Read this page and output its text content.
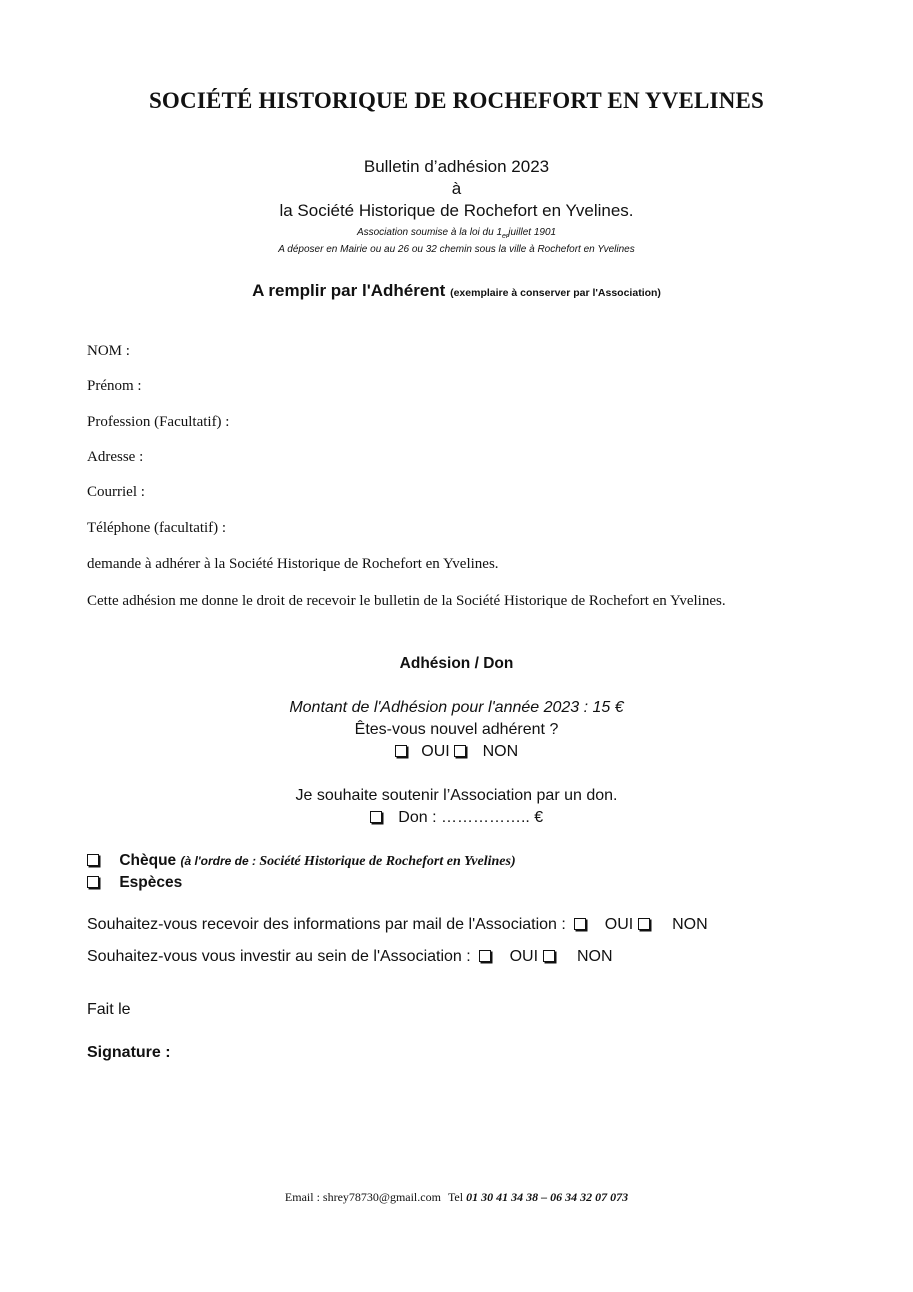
SOCIÉTÉ HISTORIQUE DE ROCHEFORT EN YVELINES
Bulletin d’adhésion 2023
à
la Société Historique de Rochefort en Yvelines.
Association soumise à la loi du $1_{er}juillet$ 1901
A déposer en Mairie ou au 26 ou 32 chemin sous la ville à Rochefort en Yvelines
A remplir par l'Adhérent (exemplaire à conserver par l'Association)
NOM :
Prénom :
Profession (Facultatif) :
Adresse :
Courriel :
Téléphone (facultatif) :
demande à adhérer à la Société Historique de Rochefort en Yvelines.
Cette adhésion me donne le droit de recevoir le bulletin de la Société Historique de Rochefort en Yvelines.
Adhésion / Don
Montant de l'Adhésion pour l'année 2023 : 15 €
Êtes-vous nouvel adhérent ?
OUI NON
Je souhaite soutenir l’Association par un don.
Don : …………….. €
Chèque (à l'ordre de : Société Historique de Rochefort en Yvelines)
Espèces
Souhaitez-vous recevoir des informations par mail de l'Association : OUI NON
Souhaitez-vous vous investir au sein de l'Association : OUI NON
Fait le
Signature :
Email : shrey78730@gmail.com Tel 01 30 41 34 38 – 06 34 32 07 073
